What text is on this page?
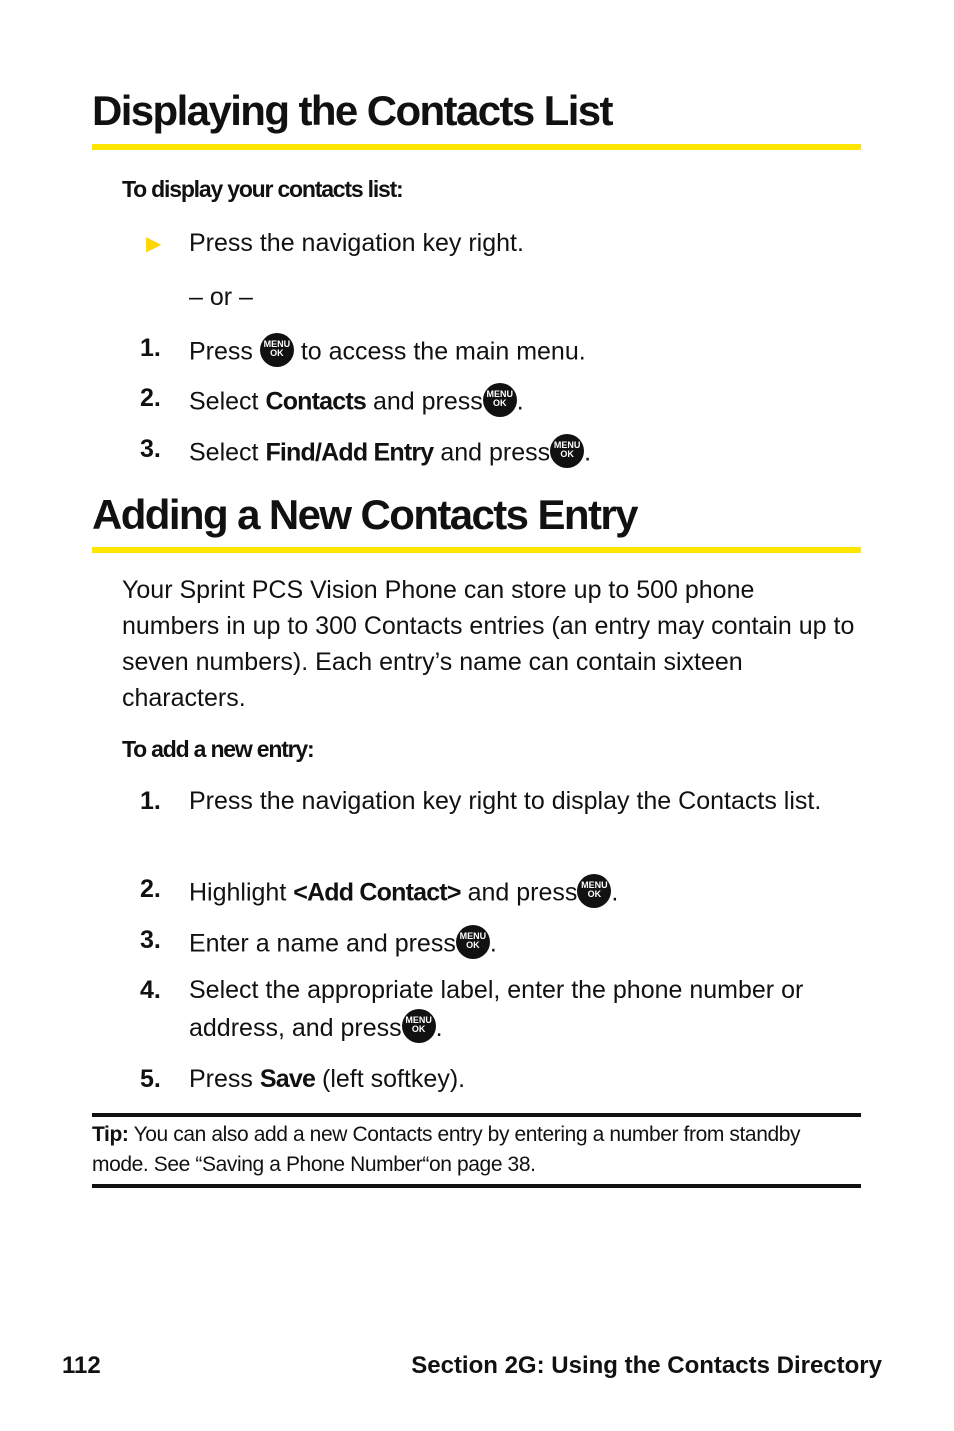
Displaying the Contacts List
To display your contacts list:
▶ Press the navigation key right.
– or –
1. Press	MENU
OK to access the main menu.
2. Select Contacts and press MENU
OK .
3. Select Find/Add Entry and press MENU
OK .
Adding a New Contacts Entry
Your Sprint PCS Vision Phone can store up to 500 phone numbers in up to 300 Contacts entries (an entry may contain up to seven numbers). Each entry’s name can contain sixteen characters.
To add a new entry:
1. Press the navigation key right to display the Contacts list.
2. Highlight <Add Contact> and press MENU
OK .
3. Enter a name and press MENU
OK .
4. Select the appropriate label, enter the phone number or address, and press MENU
OK .
5. Press Save (left softkey).
Tip: You can also add a new Contacts entry by entering a number from standby mode. See “Saving a Phone Number“on page 38.
112	Section 2G: Using the Contacts Directory
